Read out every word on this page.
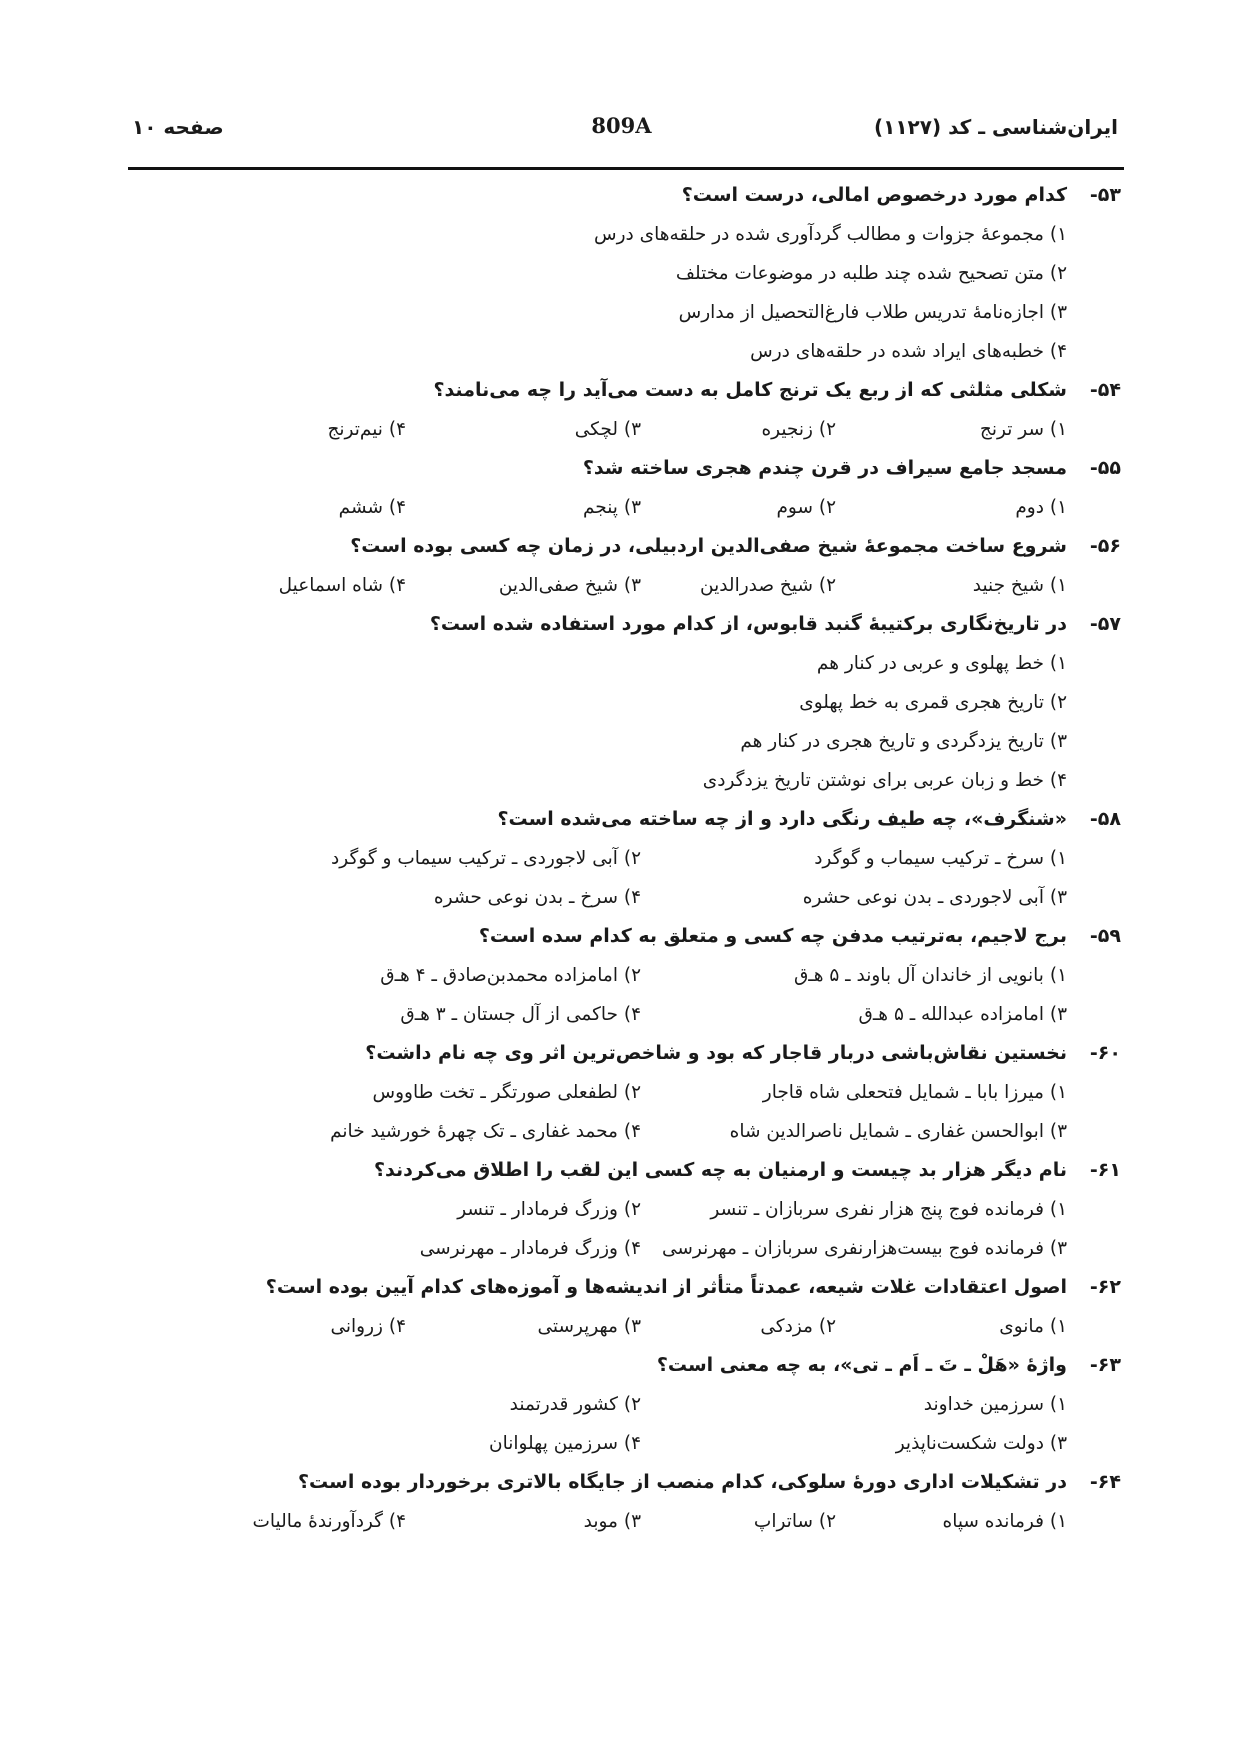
ایران‌شناسی ـ کد (۱۱۲۷)
809A
صفحه ۱۰
۵۳-
کدام مورد درخصوص امالی، درست است؟
۱) مجموعهٔ جزوات و مطالب گردآوری شده در حلقه‌های درس
۲) متن تصحیح شده چند طلبه در موضوعات مختلف
۳) اجازه‌نامهٔ تدریس طلاب فارغ‌التحصیل از مدارس
۴) خطبه‌های ایراد شده در حلقه‌های درس
۵۴-
شکلی مثلثی که از ربع یک ترنج کامل به دست می‌آید را چه می‌نامند؟
۱) سر ترنج
۲) زنجیره
۳) لچکی
۴) نیم‌ترنج
۵۵-
مسجد جامع سیراف در قرن چندم هجری ساخته شد؟
۱) دوم
۲) سوم
۳) پنجم
۴) ششم
۵۶-
شروع ساخت مجموعهٔ شیخ صفی‌الدین اردبیلی، در زمان چه کسی بوده است؟
۱) شیخ جنید
۲) شیخ صدرالدین
۳) شیخ صفی‌الدین
۴) شاه اسماعیل
۵۷-
در تاریخ‌نگاری برکتیبهٔ گنبد قابوس، از کدام مورد استفاده شده است؟
۱) خط پهلوی و عربی در کنار هم
۲) تاریخ هجری قمری به خط پهلوی
۳) تاریخ یزدگردی و تاریخ هجری در کنار هم
۴) خط و زبان عربی برای نوشتن تاریخ یزدگردی
۵۸-
«شنگرف»، چه طیف رنگی دارد و از چه ساخته می‌شده است؟
۱) سرخ ـ ترکیب سیماب و گوگرد
۲) آبی لاجوردی ـ ترکیب سیماب و گوگرد
۳) آبی لاجوردی ـ بدن نوعی حشره
۴) سرخ ـ بدن نوعی حشره
۵۹-
برج لاجیم، به‌ترتیب مدفن چه کسی و متعلق به کدام سده است؟
۱) بانویی از خاندان آل باوند ـ ۵ هـ‌ق
۲) امامزاده محمدبن‌صادق ـ ۴ هـ‌ق
۳) امامزاده عبدالله ـ ۵ هـ‌ق
۴) حاکمی از آل جستان ـ ۳ هـ‌ق
۶۰-
نخستین نقاش‌باشی دربار قاجار که بود و شاخص‌ترین اثر وی چه نام داشت؟
۱) میرزا بابا ـ شمایل فتحعلی شاه قاجار
۲) لطفعلی صورتگر ـ تخت طاووس
۳) ابوالحسن غفاری ـ شمایل ناصرالدین شاه
۴) محمد غفاری ـ تک چهرهٔ خورشید خانم
۶۱-
نام دیگر هزار بد چیست و ارمنیان به چه کسی این لقب را اطلاق می‌کردند؟
۱) فرمانده فوج پنج هزار نفری سربازان ـ تنسر
۲) وزرگ فرمادار ـ تنسر
۳) فرمانده فوج بیست‌هزارنفری سربازان ـ مهرنرسی
۴) وزرگ فرمادار ـ مهرنرسی
۶۲-
اصول اعتقادات غلات شیعه، عمدتاً متأثر از اندیشه‌ها و آموزه‌های کدام آیین بوده است؟
۱) مانوی
۲) مزدکی
۳) مهرپرستی
۴) زروانی
۶۳-
واژهٔ «هَلْ ـ تَ ـ اَم ـ تی»، به چه معنی است؟
۱) سرزمین خداوند
۲) کشور قدرتمند
۳) دولت شکست‌ناپذیر
۴) سرزمین پهلوانان
۶۴-
در تشکیلات اداری دورهٔ سلوکی، کدام منصب از جایگاه بالاتری برخوردار بوده است؟
۱) فرمانده سپاه
۲) ساتراپ
۳) موبد
۴) گردآورندهٔ مالیات
